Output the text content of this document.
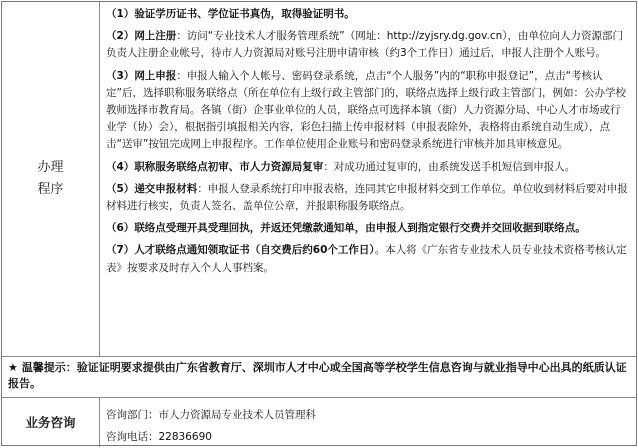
办理
程序
（1）验证学历证书、学位证书真伪，取得验证明书。
（2）网上注册：访问“专业技术人才服务管理系统”（网址：http://zyjsry.dg.gov.cn），由单位向人力资源部门负责人注册企业帐号，待市人力资源局对账号注册申请审核（约3个工作日）通过后，申报人注册个人账号。
（3）网上申报：申报人输入个人帐号、密码登录系统，点击“个人服务”内的“职称申报登记”，点击“考核认定”后，选择职称服务联络点（所在单位有上级行政主管部门的，联络点选择上级行政主管部门，例如：公办学校教师选择市教育局。各镇（街）企事业单位的人员，联络点可选择本镇（街）人力资源分局、中心人才市场或行业学（协）会），根据指引填报相关内容，彩色扫描上传申报材料（申报表除外，表格将由系统自动生成），点击“送审”按钮完成网上申报程序。工作单位使用企业账号和密码登录系统进行审核并加具审核意见。
（4）职称服务联络点初审、市人力资源局复审：对成功通过复审的，由系统发送手机短信到申报人。
（5）递交申报材料：申报人登录系统打印申报表格，连同其它申报材料交到工作单位。单位收到材料后要对申报材料进行核实，负责人签名、盖单位公章，并报职称服务联络点。
（6）联络点受理开具受理回执，并返还凭缴款通知单，由申报人到指定银行交费并交回收据到联络点。
（7）人才联络点通知领取证书（自交费后约60个工作日）。本人将《广东省专业技术人员专业技术资格考核认定表》按要求及时存入个人人事档案。
★ 温馨提示：验证证明要求提供由广东省教育厅、深圳市人才中心或全国高等学校学生信息咨询与就业指导中心出具的纸质认证报告。
业务咨询	咨询部门：市人力资源局专业技术人员管理科
咨询电话：22836690
